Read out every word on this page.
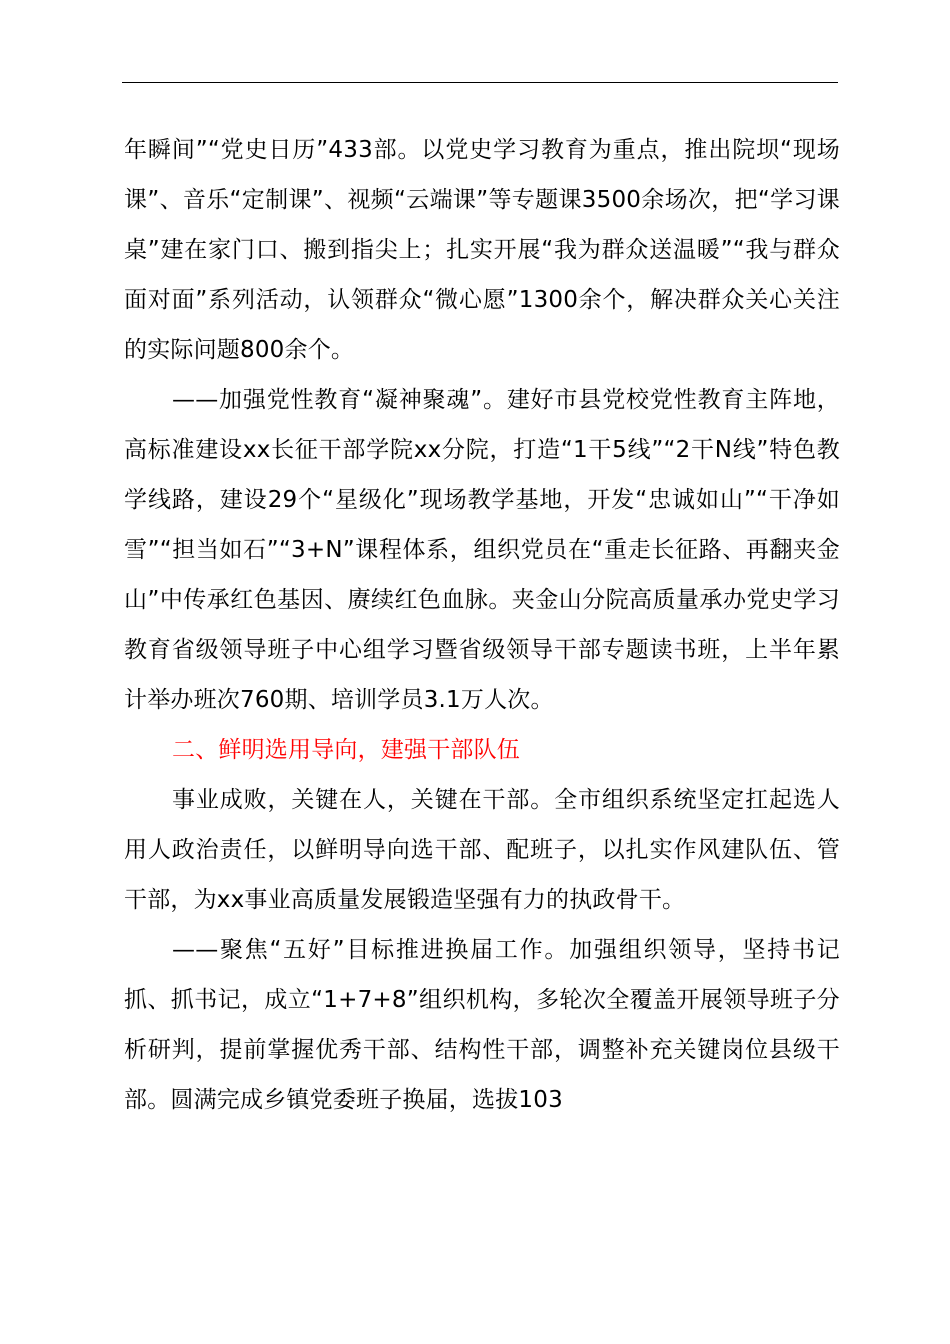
年瞬间”“党史日历”433部。以党史学习教育为重点，推出院坝“现场课”、音乐“定制课”、视频“云端课”等专题课3500余场次，把“学习课桌”建在家门口、搬到指尖上；扎实开展“我为群众送温暖”“我与群众面对面”系列活动，认领群众“微心愿”1300余个，解决群众关心关注的实际问题800余个。

——加强党性教育“凝神聚魂”。建好市县党校党性教育主阵地，高标准建设xx长征干部学院xx分院，打造“1干5线”“2干N线”特色教学线路，建设29个“星级化”现场教学基地，开发“忠诚如山”“干净如雪”“担当如石”“3+N”课程体系，组织党员在“重走长征路、再翻夹金山”中传承红色基因、赓续红色血脉。夹金山分院高质量承办党史学习教育省级领导班子中心组学习暨省级领导干部专题读书班，上半年累计举办班次760期、培训学员3.1万人次。

二、鲜明选用导向，建强干部队伍

事业成败，关键在人，关键在干部。全市组织系统坚定扛起选人用人政治责任，以鲜明导向选干部、配班子，以扎实作风建队伍、管干部，为xx事业高质量发展锻造坚强有力的执政骨干。

——聚焦“五好”目标推进换届工作。加强组织领导，坚持书记抓、抓书记，成立“1+7+8”组织机构，多轮次全覆盖开展领导班子分析研判，提前掌握优秀干部、结构性干部，调整补充关键岗位县级干部。圆满完成乡镇党委班子换届，选拔103
